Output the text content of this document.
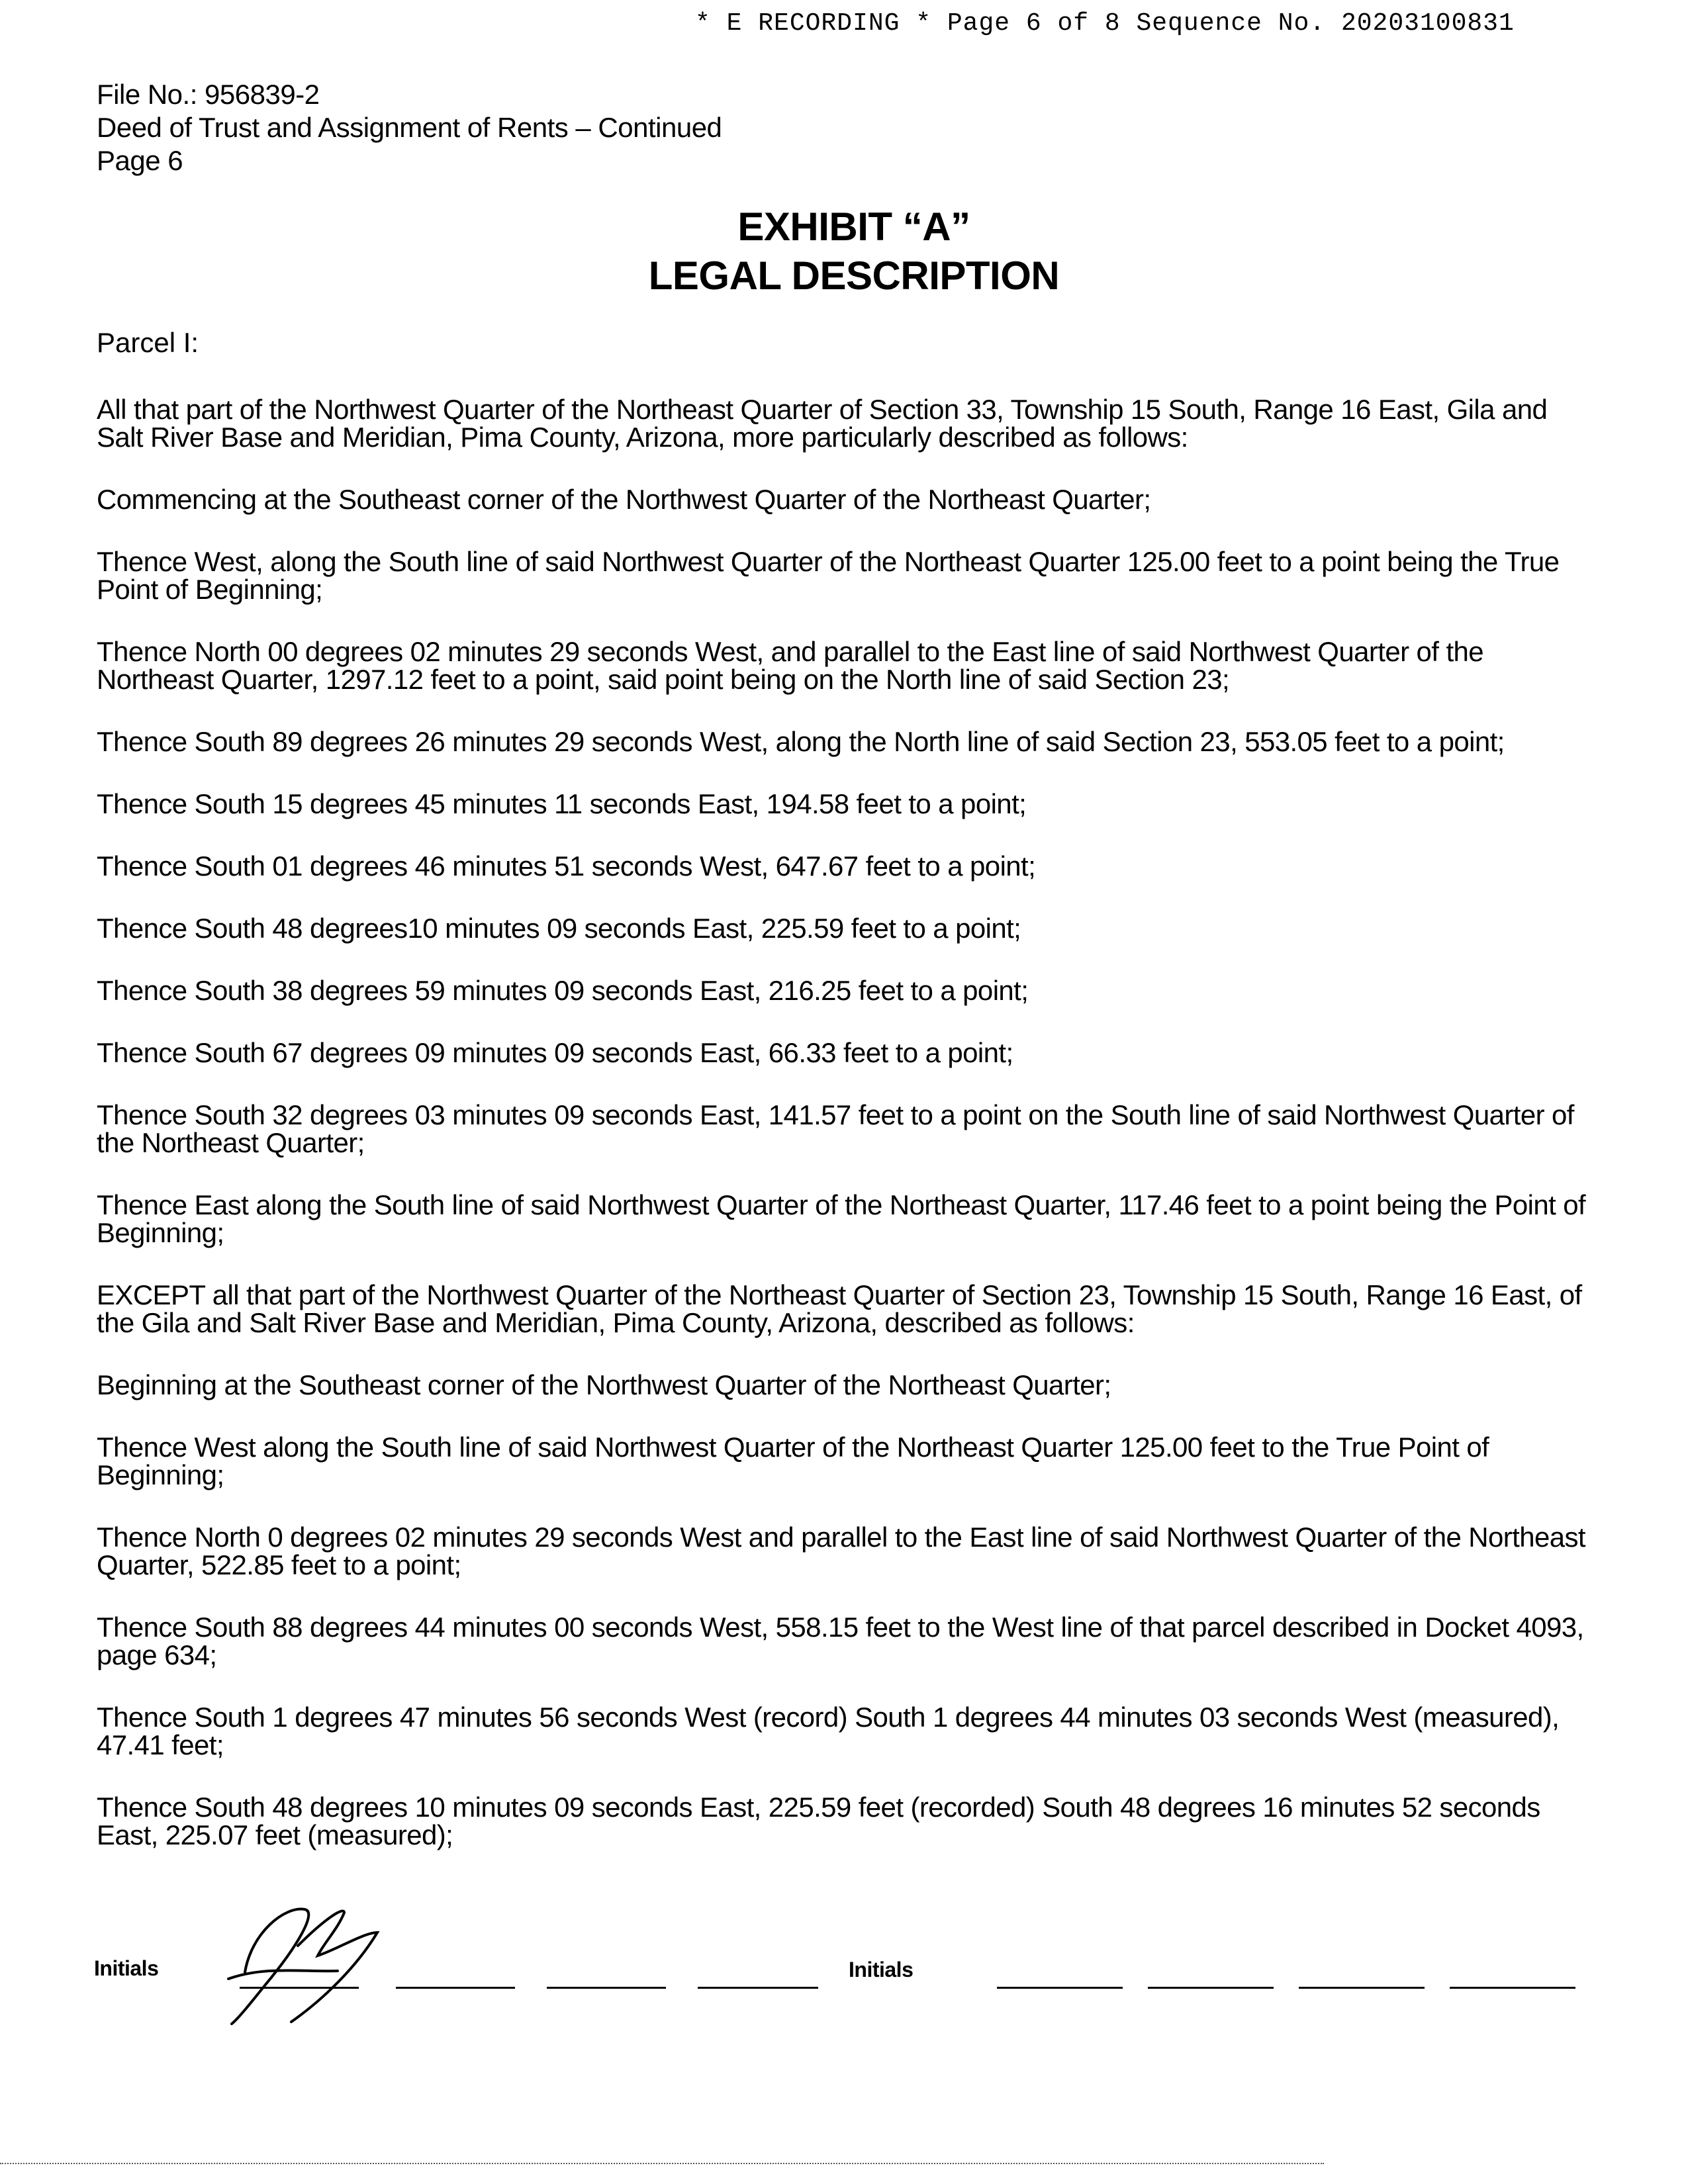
* E RECORDING * Page 6 of 8 Sequence No. 20203100831
File No.: 956839-2
Deed of Trust and Assignment of Rents – Continued
Page 6
EXHIBIT “A”
LEGAL DESCRIPTION
Parcel I:

All that part of the Northwest Quarter of the Northeast Quarter of Section 33, Township 15 South, Range 16 East, Gila and Salt River Base and Meridian, Pima County, Arizona, more particularly described as follows:

Commencing at the Southeast corner of the Northwest Quarter of the Northeast Quarter;

Thence West, along the South line of said Northwest Quarter of the Northeast Quarter 125.00 feet to a point being the True Point of Beginning;

Thence North 00 degrees 02 minutes 29 seconds West, and parallel to the East line of said Northwest Quarter of the Northeast Quarter, 1297.12 feet to a point, said point being on the North line of said Section 23;

Thence South 89 degrees 26 minutes 29 seconds West, along the North line of said Section 23, 553.05 feet to a point;

Thence South 15 degrees 45 minutes 11 seconds East, 194.58 feet to a point;

Thence South 01 degrees 46 minutes 51 seconds West, 647.67 feet to a point;

Thence South 48 degrees10 minutes 09 seconds East, 225.59 feet to a point;

Thence South 38 degrees 59 minutes 09 seconds East, 216.25 feet to a point;

Thence South 67 degrees 09 minutes 09 seconds East, 66.33 feet to a point;

Thence South 32 degrees 03 minutes 09 seconds East, 141.57 feet to a point on the South line of said Northwest Quarter of the Northeast Quarter;

Thence East along the South line of said Northwest Quarter of the Northeast Quarter, 117.46 feet to a point being the Point of Beginning;

EXCEPT all that part of the Northwest Quarter of the Northeast Quarter of Section 23, Township 15 South, Range 16 East, of the Gila and Salt River Base and Meridian, Pima County, Arizona, described as follows:

Beginning at the Southeast corner of the Northwest Quarter of the Northeast Quarter;

Thence West along the South line of said Northwest Quarter of the Northeast Quarter 125.00 feet to the True Point of Beginning;

Thence North 0 degrees 02 minutes 29 seconds West and parallel to the East line of said Northwest Quarter of the Northeast Quarter, 522.85 feet to a point;

Thence South 88 degrees 44 minutes 00 seconds West, 558.15 feet to the West line of that parcel described in Docket 4093, page 634;

Thence South 1 degrees 47 minutes 56 seconds West (record) South 1 degrees 44 minutes 03 seconds West (measured), 47.41 feet;

Thence South 48 degrees 10 minutes 09 seconds East, 225.59 feet (recorded) South 48 degrees 16 minutes 52 seconds East, 225.07 feet (measured);

Initials	Initials
